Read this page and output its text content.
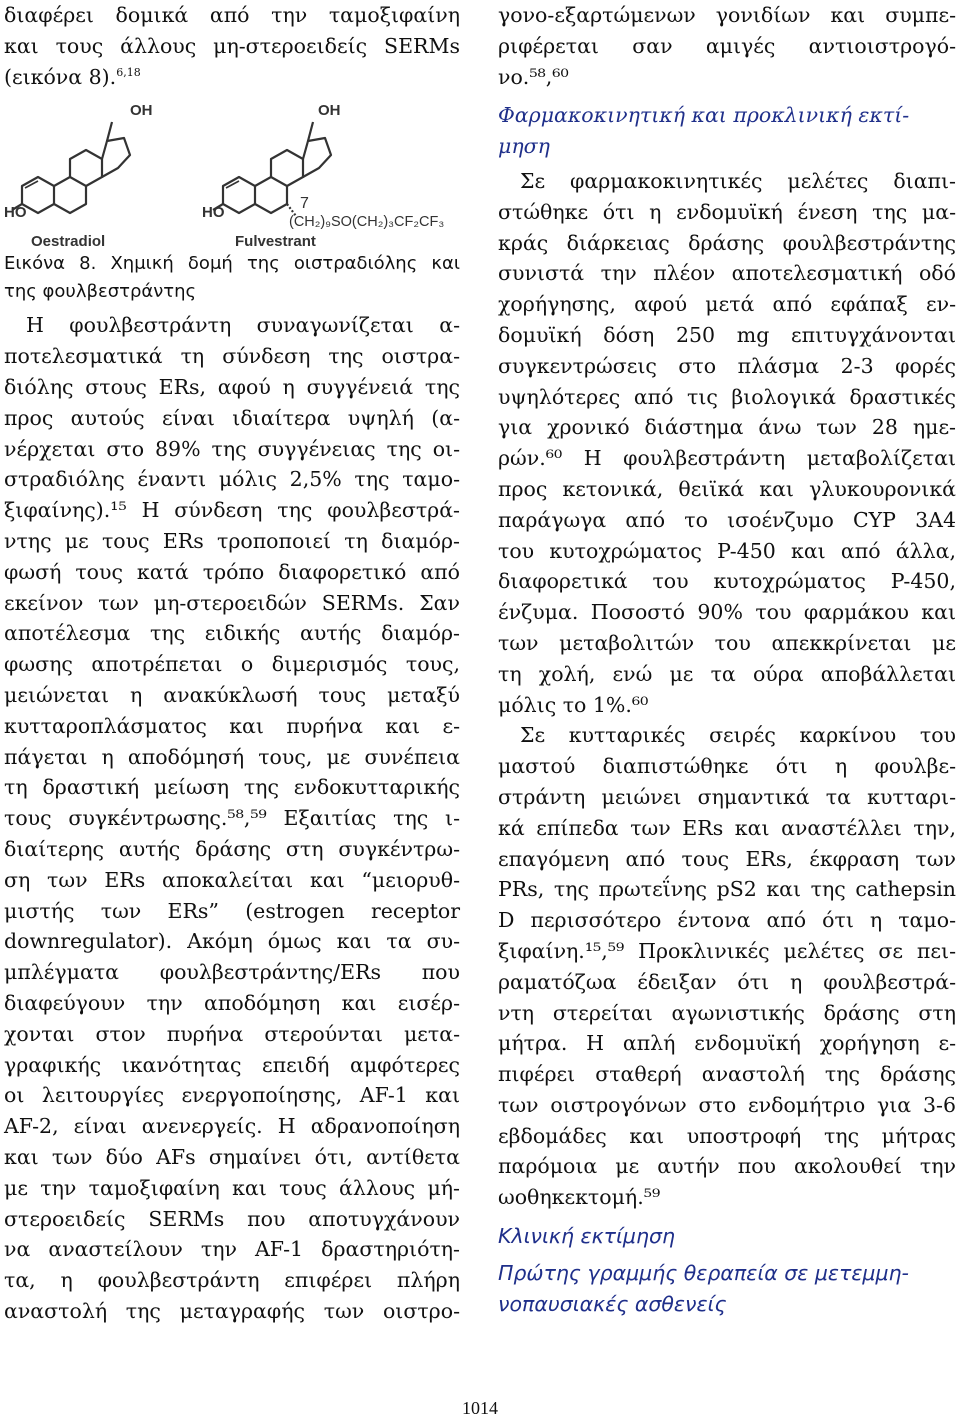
διαφέρει δομικά από την ταμοξιφαίνη
και τους άλλους μη-στεροειδείς SERMs
(εικόνα 8).$^{6,18}$

OH
HO
Oestradiol
OH
HO
7
(CH₂)₉SO(CH₂)₃CF₂CF₃
Fulvestrant

Εικόνα 8. Χημική δομή της οιστραδιόλης και
της φουλβεστράντης

Η φουλβεστράντη συναγωνίζεται α-
ποτελεσματικά τη σύνδεση της οιστρα-
διόλης στους ERs, αφού η συγγένειά της
προς αυτούς είναι ιδιαίτερα υψηλή (α-
νέρχεται στο 89% της συγγένειας της οι-
στραδιόλης έναντι μόλις 2,5% της ταμο-
ξιφαίνης).¹⁵ Η σύνδεση της φουλβεστρά-
ντης με τους ERs τροποποιεί τη διαμόρ-
φωσή τους κατά τρόπο διαφορετικό από
εκείνον των μη-στεροειδών SERMs. Σαν
αποτέλεσμα της ειδικής αυτής διαμόρ-
φωσης αποτρέπεται ο διμερισμός τους,
μειώνεται η ανακύκλωσή τους μεταξύ
κυτταροπλάσματος και πυρήνα και ε-
πάγεται η αποδόμησή τους, με συνέπεια
τη δραστική μείωση της ενδοκυτταρικής
τους συγκέντρωσης.⁵⁸,⁵⁹ Εξαιτίας της ι-
διαίτερης αυτής δράσης στη συγκέντρω-
ση των ERs αποκαλείται και “μειορυθ-
μιστής των ERs” (estrogen receptor
downregulator). Ακόμη όμως και τα συ-
μπλέγματα φουλβεστράντης/ERs που
διαφεύγουν την αποδόμηση και εισέρ-
χονται στον πυρήνα στερούνται μετα-
γραφικής ικανότητας επειδή αμφότερες
οι λειτουργίες ενεργοποίησης, AF-1 και
AF-2, είναι ανενεργείς. Η αδρανοποίηση
και των δύο AFs σημαίνει ότι, αντίθετα
με την ταμοξιφαίνη και τους άλλους μή-
στεροειδείς SERMs που αποτυγχάνουν
να αναστείλουν την AF-1 δραστηριότη-
τα, η φουλβεστράντη επιφέρει πλήρη
αναστολή της μεταγραφής των οιστρο-

γονο-εξαρτώμενων γονιδίων και συμπε-
ριφέρεται σαν αμιγές αντιοιστρογό-
νο.⁵⁸,⁶⁰

Φαρμακοκινητική και προκλινική εκτί-
μηση

Σε φαρμακοκινητικές μελέτες διαπι-
στώθηκε ότι η ενδομυϊκή ένεση της μα-
κράς διάρκειας δράσης φουλβεστράντης
συνιστά την πλέον αποτελεσματική οδό
χορήγησης, αφού μετά από εφάπαξ εν-
δομυϊκή δόση 250 mg επιτυγχάνονται
συγκεντρώσεις στο πλάσμα 2-3 φορές
υψηλότερες από τις βιολογικά δραστικές
για χρονικό διάστημα άνω των 28 ημε-
ρών.⁶⁰ Η φουλβεστράντη μεταβολίζεται
προς κετονικά, θειϊκά και γλυκουρονικά
παράγωγα από το ισοένζυμο CYP 3A4
του κυτοχρώματος P-450 και από άλλα,
διαφορετικά του κυτοχρώματος P-450,
ένζυμα. Ποσοστό 90% του φαρμάκου και
των μεταβολιτών του απεκκρίνεται με
τη χολή, ενώ με τα ούρα αποβάλλεται
μόλις το 1%.⁶⁰

Σε κυτταρικές σειρές καρκίνου του
μαστού διαπιστώθηκε ότι η φουλβε-
στράντη μειώνει σημαντικά τα κυτταρι-
κά επίπεδα των ERs και αναστέλλει την,
επαγόμενη από τους ERs, έκφραση των
PRs, της πρωτεΐνης pS2 και της cathepsin
D περισσότερο έντονα από ότι η ταμο-
ξιφαίνη.¹⁵,⁵⁹ Προκλινικές μελέτες σε πει-
ραματόζωα έδειξαν ότι η φουλβεστρά-
ντη στερείται αγωνιστικής δράσης στη
μήτρα. Η απλή ενδομυϊκή χορήγηση ε-
πιφέρει σταθερή αναστολή της δράσης
των οιστρογόνων στο ενδομήτριο για 3-6
εβδομάδες και υποστροφή της μήτρας
παρόμοια με αυτήν που ακολουθεί την
ωοθηκεκτομή.⁵⁹

Κλινική εκτίμηση
Πρώτης γραμμής θεραπεία σε μετεμμη-
νοπαυσιακές ασθενείς
1014
